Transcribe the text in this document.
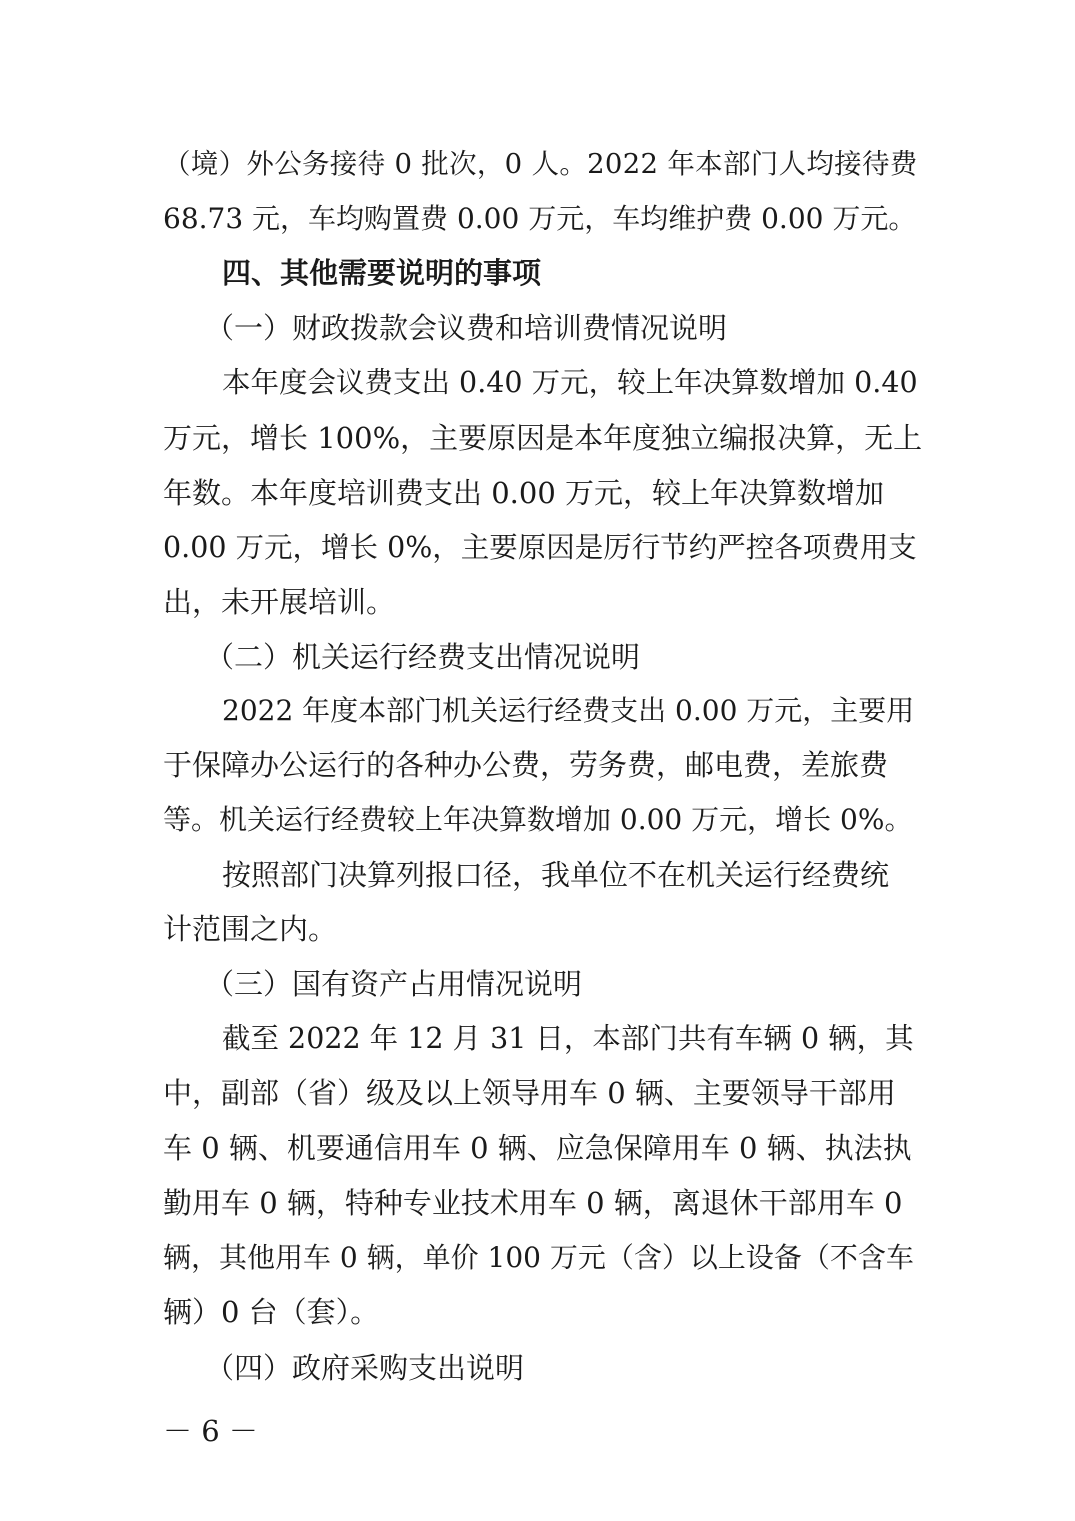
（境）外公务接待 0 批次，0 人。2022 年本部门人均接待费

68.73 元，车均购置费 0.00 万元，车均维护费 0.00 万元。

四、其他需要说明的事项

（一）财政拨款会议费和培训费情况说明

本年度会议费支出 0.40 万元，较上年决算数增加 0.40

万元，增长 100%，主要原因是本年度独立编报决算，无上

年数。本年度培训费支出 0.00 万元，较上年决算数增加

0.00 万元，增长 0%，主要原因是厉行节约严控各项费用支

出，未开展培训。

（二）机关运行经费支出情况说明

2022 年度本部门机关运行经费支出 0.00 万元，主要用

于保障办公运行的各种办公费，劳务费，邮电费，差旅费

等。机关运行经费较上年决算数增加 0.00 万元，增长 0%。

按照部门决算列报口径，我单位不在机关运行经费统

计范围之内。

（三）国有资产占用情况说明

截至 2022 年 12 月 31 日，本部门共有车辆 0 辆，其

中，副部（省）级及以上领导用车 0 辆、主要领导干部用

车 0 辆、机要通信用车 0 辆、应急保障用车 0 辆、执法执

勤用车 0 辆，特种专业技术用车 0 辆，离退休干部用车 0

辆，其他用车 0 辆，单价 100 万元（含）以上设备（不含车

辆）0 台（套）。

（四）政府采购支出说明

－ 6 －
